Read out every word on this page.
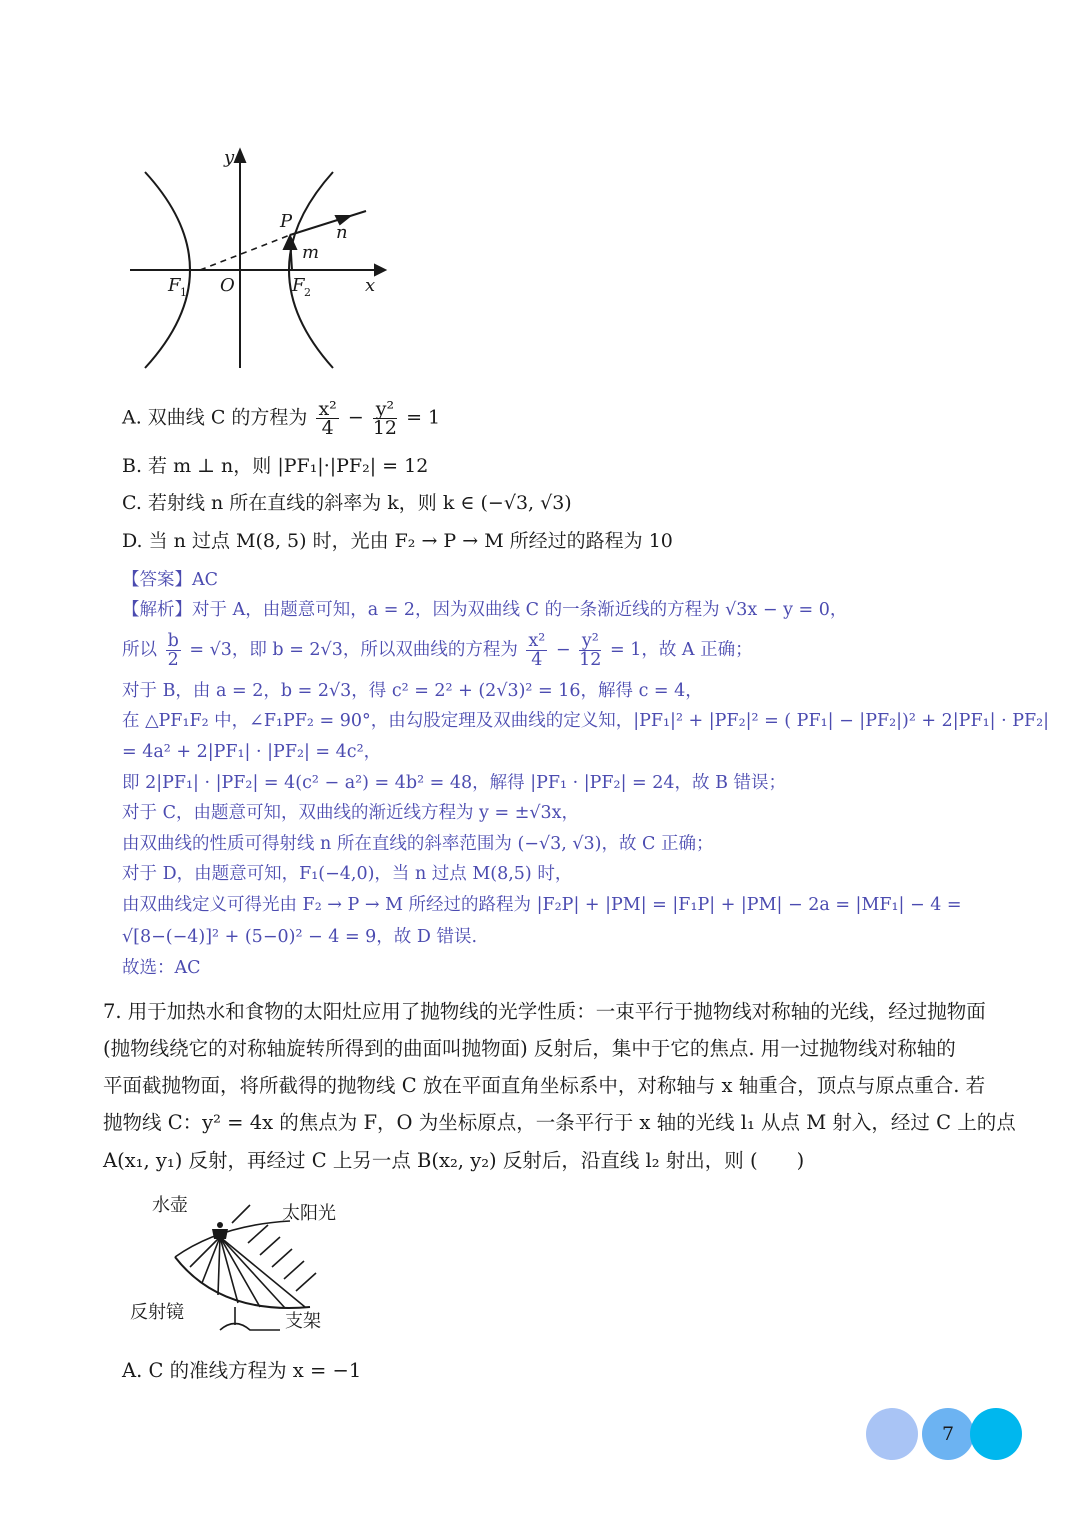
y
x
O
P
n
m
F 1	F 2
A. 双曲线 C 的方程为 $\frac{\text{x²}}{4} - \frac{\text{y²}}{12} = 1$
B. 若 m ⊥ n，则 |PF₁|·|PF₂| = 12
C. 若射线 n 所在直线的斜率为 k，则 k ∈ (−√3, √3)
D. 当 n 过点 M(8, 5) 时，光由 F₂ → P → M 所经过的路程为 10
【答案】AC
【解析】对于 A，由题意可知，a = 2，因为双曲线 C 的一条渐近线的方程为 √3x − y = 0，
所以 $\frac{b}{2} = √3$，即 b = 2√3，所以双曲线的方程为 $\frac{\text{x²}}{4} - \frac{\text{y²}}{12} = 1$，故 A 正确；
对于 B，由 a = 2，b = 2√3，得 c² = 2² + (2√3)² = 16，解得 c = 4，
在 △PF₁F₂ 中，∠F₁PF₂ = 90°，由勾股定理及双曲线的定义知，|PF₁|² + |PF₂|² = ( PF₁| − |PF₂|)² + 2|PF₁| · PF₂|
= 4a² + 2|PF₁| · |PF₂| = 4c²，
即 2|PF₁| · |PF₂| = 4(c² − a²) = 4b² = 48，解得 |PF₁ · |PF₂| = 24，故 B 错误；
对于 C，由题意可知，双曲线的渐近线方程为 y = ±√3x，
由双曲线的性质可得射线 n 所在直线的斜率范围为 (−√3, √3)，故 C 正确；
对于 D，由题意可知，F₁(−4,0)，当 n 过点 M(8,5) 时，
由双曲线定义可得光由 F₂ → P → M 所经过的路程为 |F₂P| + |PM| = |F₁P| + |PM| − 2a = |MF₁| − 4 =
√[8−(−4)]² + (5−0)² − 4 = 9，故 D 错误.
故选：AC
7. 用于加热水和食物的太阳灶应用了抛物线的光学性质：一束平行于抛物线对称轴的光线，经过抛物面
(抛物线绕它的对称轴旋转所得到的曲面叫抛物面) 反射后，集中于它的焦点. 用一过抛物线对称轴的
平面截抛物面，将所截得的抛物线 C 放在平面直角坐标系中，对称轴与 x 轴重合，顶点与原点重合. 若
抛物线 C：y² = 4x 的焦点为 F，O 为坐标原点，一条平行于 x 轴的光线 l₁ 从点 M 射入，经过 C 上的点
A(x₁, y₁) 反射，再经过 C 上另一点 B(x₂, y₂) 反射后，沿直线 l₂ 射出，则 (　　)
水壶	太阳光
反射镜	支架
A. C 的准线方程为 x = −1
7
